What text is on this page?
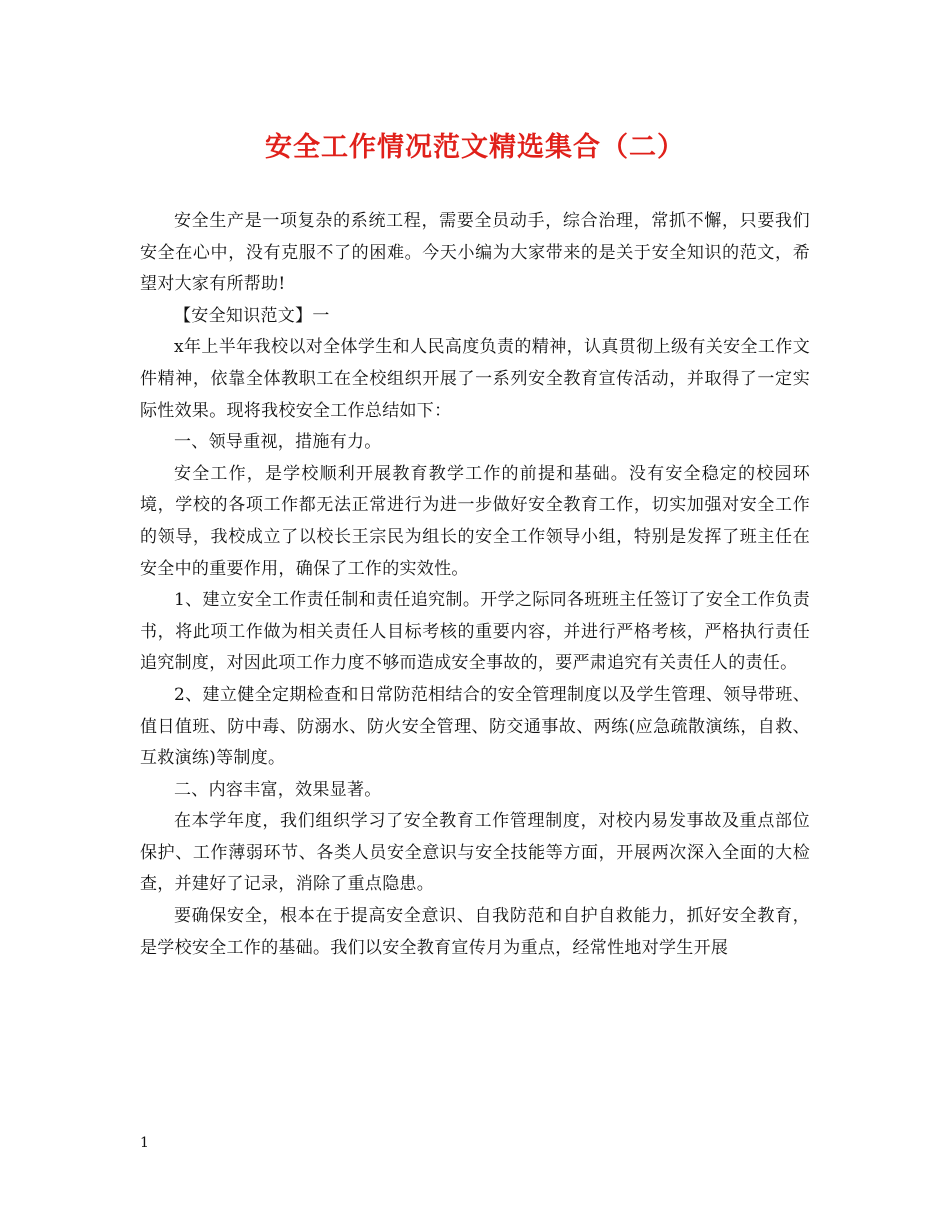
安全工作情况范文精选集合（二）

安全生产是一项复杂的系统工程，需要全员动手，综合治理，常抓不懈，只要我们安全在心中，没有克服不了的困难。今天小编为大家带来的是关于安全知识的范文，希望对大家有所帮助!

【安全知识范文】一

x年上半年我校以对全体学生和人民高度负责的精神，认真贯彻上级有关安全工作文件精神，依靠全体教职工在全校组织开展了一系列安全教育宣传活动，并取得了一定实际性效果。现将我校安全工作总结如下：

一、领导重视，措施有力。

安全工作，是学校顺利开展教育教学工作的前提和基础。没有安全稳定的校园环境，学校的各项工作都无法正常进行为进一步做好安全教育工作，切实加强对安全工作的领导，我校成立了以校长王宗民为组长的安全工作领导小组，特别是发挥了班主任在安全中的重要作用，确保了工作的实效性。

1、建立安全工作责任制和责任追究制。开学之际同各班班主任签订了安全工作负责书，将此项工作做为相关责任人目标考核的重要内容，并进行严格考核，严格执行责任追究制度，对因此项工作力度不够而造成安全事故的，要严肃追究有关责任人的责任。

2、建立健全定期检查和日常防范相结合的安全管理制度以及学生管理、领导带班、值日值班、防中毒、防溺水、防火安全管理、防交通事故、两练(应急疏散演练，自救、互救演练)等制度。

二、内容丰富，效果显著。

在本学年度，我们组织学习了安全教育工作管理制度，对校内易发事故及重点部位保护、工作薄弱环节、各类人员安全意识与安全技能等方面，开展两次深入全面的大检查，并建好了记录，消除了重点隐患。

要确保安全，根本在于提高安全意识、自我防范和自护自救能力，抓好安全教育，是学校安全工作的基础。我们以安全教育宣传月为重点，经常性地对学生开展

1
